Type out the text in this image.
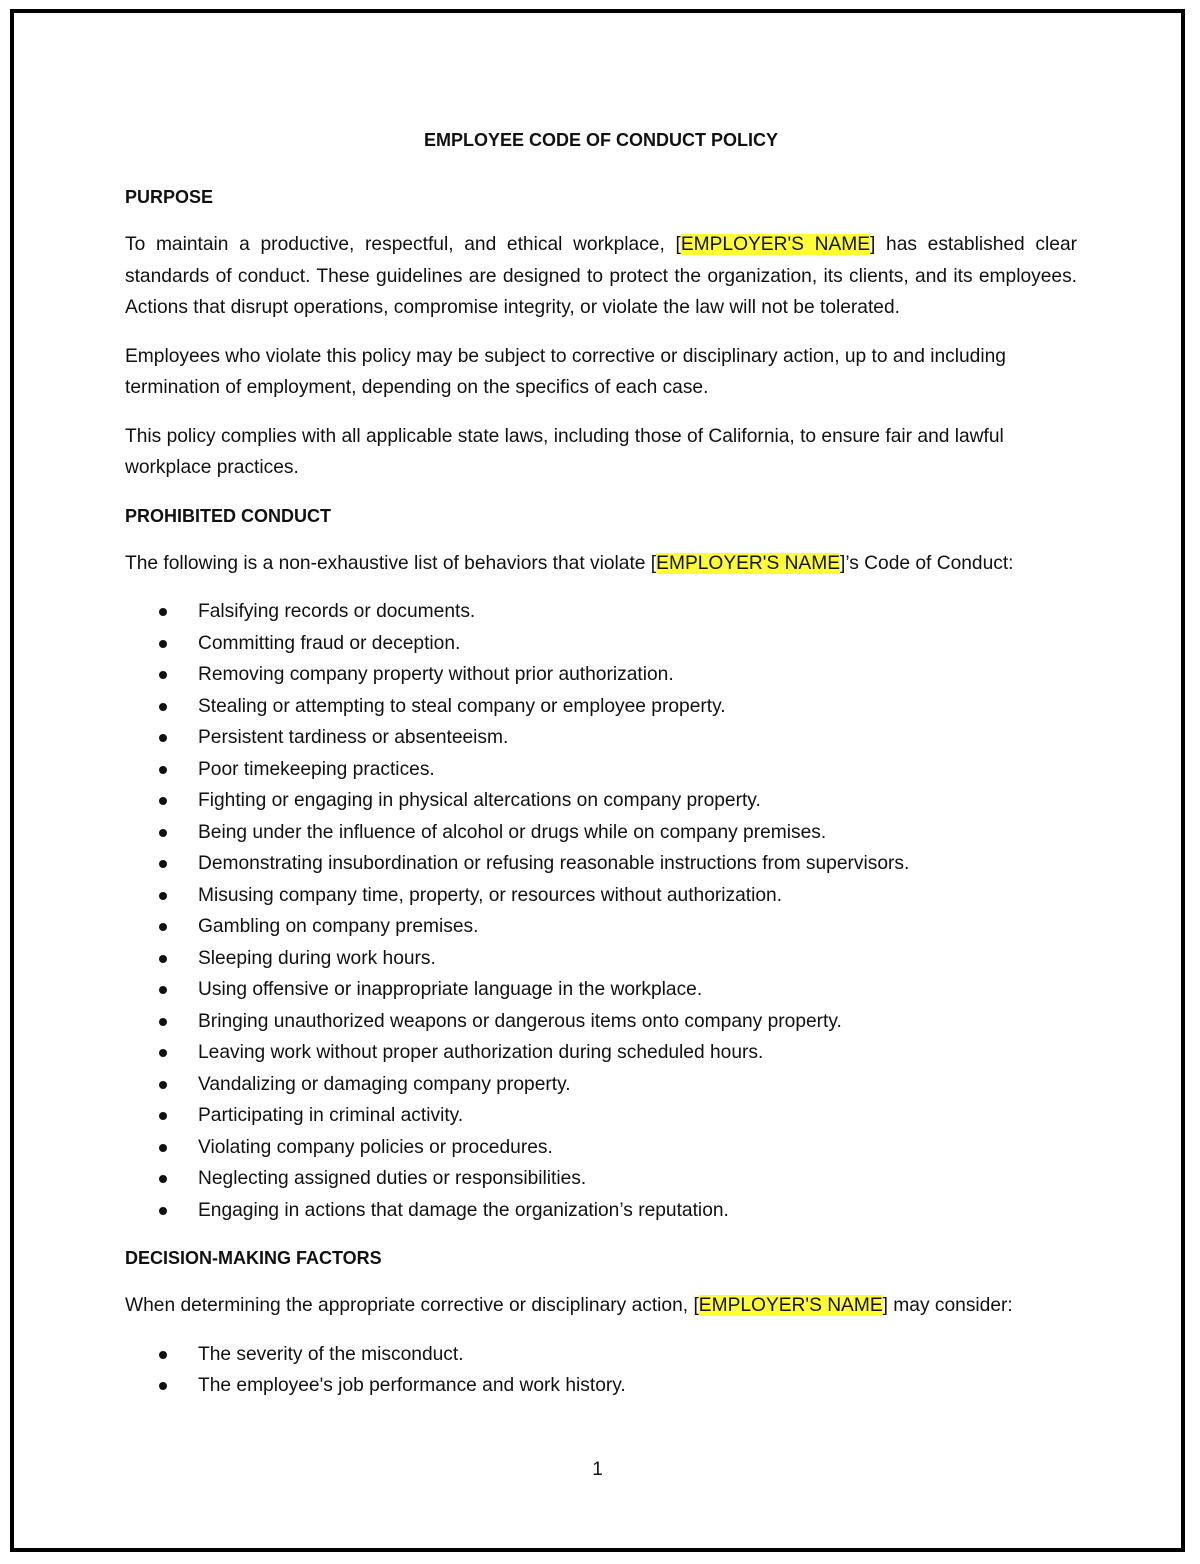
EMPLOYEE CODE OF CONDUCT POLICY
PURPOSE

To maintain a productive, respectful, and ethical workplace, [EMPLOYER'S NAME] has established clear standards of conduct. These guidelines are designed to protect the organization, its clients, and its employees. Actions that disrupt operations, compromise integrity, or violate the law will not be tolerated.

Employees who violate this policy may be subject to corrective or disciplinary action, up to and including termination of employment, depending on the specifics of each case.

This policy complies with all applicable state laws, including those of California, to ensure fair and lawful workplace practices.

PROHIBITED CONDUCT

The following is a non-exhaustive list of behaviors that violate [EMPLOYER'S NAME]’s Code of Conduct:

Falsifying records or documents.
Committing fraud or deception.
Removing company property without prior authorization.
Stealing or attempting to steal company or employee property.
Persistent tardiness or absenteeism.
Poor timekeeping practices.
Fighting or engaging in physical altercations on company property.
Being under the influence of alcohol or drugs while on company premises.
Demonstrating insubordination or refusing reasonable instructions from supervisors.
Misusing company time, property, or resources without authorization.
Gambling on company premises.
Sleeping during work hours.
Using offensive or inappropriate language in the workplace.
Bringing unauthorized weapons or dangerous items onto company property.
Leaving work without proper authorization during scheduled hours.
Vandalizing or damaging company property.
Participating in criminal activity.
Violating company policies or procedures.
Neglecting assigned duties or responsibilities.
Engaging in actions that damage the organization’s reputation.
DECISION-MAKING FACTORS

When determining the appropriate corrective or disciplinary action, [EMPLOYER'S NAME] may consider:

The severity of the misconduct.
The employee's job performance and work history.
1
